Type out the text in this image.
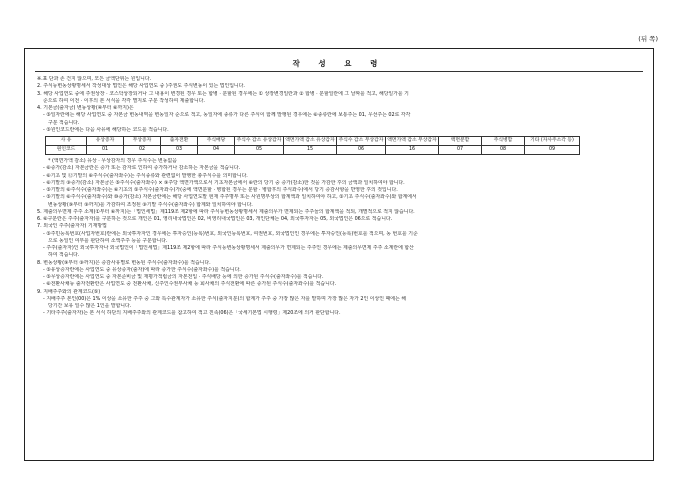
(뒤 쪽)
작 성 요 령
※.표 단과 존 건지 않으며, 모든 금액단위는 원입니다.
2. 주식등변동상황명세서 작성대상 법인은 해당 사업연도 중 )주권도 주식변동이 있는 법인입니다.
3. 해당 사업연도 중에 주권상장 · 코스닥상장되거나 그 내용이 변경된 경우 또는 합병 · 분할된 경우에는 ① 상장변경일란과 ② 합병 · 분할일란에 그 날짜를 적고, 해당일가를 기
준으로 하여 이전 · 이후의 본 서식을 각각 별지로 구분 작성하여 제출합니다.
4. 기본금(출자금) 변동상황(④부터 ⑥까지)은
- ⑤일자란에는 해당 사업연도 중 자본금 변동내역을 변동일자 순으로 적고, 동일자에 종류가 다른 주식이 함께 발행된 경우에는 ⑥종류란에 보통주는 01, 우선주는 02로 각각
구분 적습니다.
- ⑤원인코드란에는 다음 사유에 해당하는 코드를 적습니다.
사 유	유상증자	무상증자	출자전환	주식배당	주식수 감소 유상감자	액면가액 감소 유상감자	주식수 감소 무상감자	액면가액 감소 무상감자	액면분할	주식병합	기타 (자사주소각 등)
원인코드	01	02	03	04	05	15	06	16	07	08	09
* (액면가액 감소) 유상 · 무상감자의 경우 주식수는 변동없음
- ⑥증가(감소) 자본금란은 증가 또는 감자로 인하여 증가하거나 감소하는 자본금을 적습니다.
- ⑥기초 및 ⑫기말의 ⑥주식수(출자좌수)는 주식종류와 관련없이 발행한 총주식수를 의미합니다.
- ⑥기말의 ⑨증가(감소) 자본금은 ⑤주식수(출자좌수) × ⑨주당 액면가액으로서 기초자본금에서 ⑥란의 당기 중 증가(감소)한 것을 가감한 후의 금액과 일치하여야 합니다.
- ⑤기말의 ⑥주식수(출자좌수)는 ⑥기초의 ⑤주식수(출자좌수)가(중에 액면분할 · 병합된 경우는 분할 · 병합후의 주식좌수)에서 당기 증감사항을 반영한 후의 것입니다.
- ⑤기말의 ⑥주식수(출자좌수)와 ⑩증가(감소) 자본금란에는 해당 사업연도말 현재 주주명부 또는 사원명부상의 합계액과 일치하여야 하고, ⑤기초 주식수(출자좌수)와 합계에서
변동상황(⑨부터 ⑨까지)를 가감하여 조정된 ⑨기말 주식수(출자좌수) 합계와 일치하여야 합니다.
5. 제출의무면제 주주 소계(①부터 ⑥까지)는「법인세법」제119조 제2항에 따라 주식등변동상황명세서 제출의무가 면제되는 주주들의 합계액을 적되, 개별적으로 적지 않습니다.
6. ⑥구분란은 주주(출자자)를 구분하는 것으로 개인은 01, 영리내국법인은 02, 비영리내국법인은 03, 개인단체는 04, 외국투자자는 05, 외국법인은 06으로 적습니다.
7. 외국인 주주(출자자) 기재방법
- ⑤주민등록번호(사업자번호)란에는 외국투자자인 경우에는 투자승인(등록)번호, 외국인등록번호, 여권번호, 외국법인인 경우에는 투자승인(등록)번호를 적으며, 동 번호를 기준
으로 동일인 여부를 판단하여 소액주주 등을 구분합니다.
- 주주(출자자)인 외국투자자나 외국법인이「법인세법」제119조 제2항에 따라 주식등변동상황명세서 제출의무가 면제되는 주주인 경우에는 제출의무면제 주주 소계란에 합산
하여 적습니다.
8. 변동상황(⑨부터 ⑨까지)은 증감사유별로 변동된 주식수(출자좌수)를 적습니다.
- ⑤유상증자란에는 사업연도 중 유상증자(출자)에 따라 증가한 주식수(출자좌수)를 적습니다.
- ⑤무상증자란에는 사업연도 중 자본준비금 및 재평가적립금의 자본전입 · 주식배당 등에 의한 증가된 주식수(출자좌수)를 적습니다.
- ⑥전환사채등 출자전환란은 사업연도 중 전환사채, 신주인수권부사채 등 회사채의 주식전환에 따른 증가된 주식수(출자좌수)를 적습니다.
9. 지배주주와의 관계코드(⑤)
- 지배주주 본인(00)은 1% 이상을 소유한 주주 중 그와 특수관계자가 소유한 주식(출자지분)의 합계가 주주 중 가장 많은 자를 말하며 가장 많은 자가 2인 이상인 때에는 해
당기간 보유 일수 많은 1인을 말합니다.
- 기타주주(출자자)는 본 서식 하단의 지배주주와의 관계코드를 참고하여 적고 친족(06)은「국세기본법 시행령」제20조에 의거 판단합니다.
